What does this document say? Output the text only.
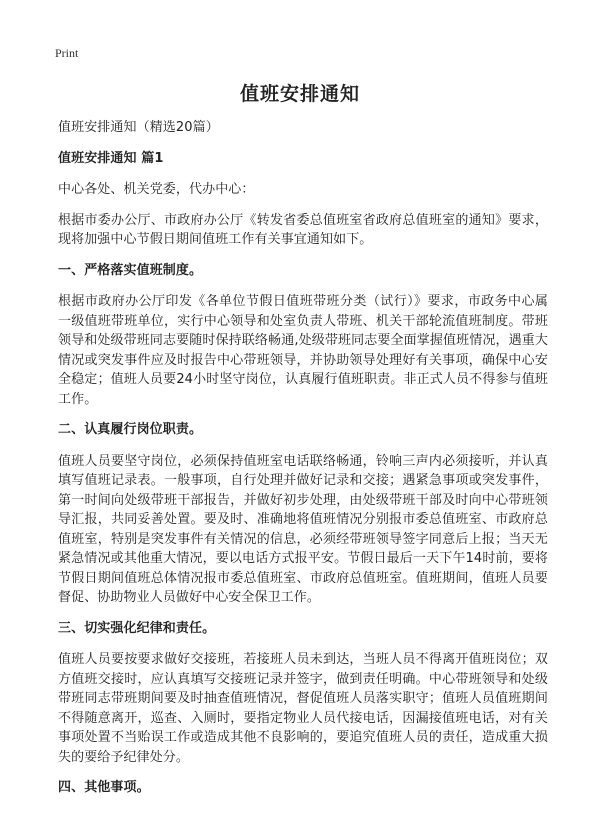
Print
值班安排通知

值班安排通知（精选20篇）

值班安排通知 篇1

中心各处、机关党委，代办中心：

根据市委办公厅、市政府办公厅《转发省委总值班室省政府总值班室的通知》要求，现将加强中心节假日期间值班工作有关事宜通知如下。

一、严格落实值班制度。

根据市政府办公厅印发《各单位节假日值班带班分类（试行）》要求，市政务中心属一级值班带班单位，实行中心领导和处室负责人带班、机关干部轮流值班制度。带班领导和处级带班同志要随时保持联络畅通,处级带班同志要全面掌握值班情况，遇重大情况或突发事件应及时报告中心带班领导，并协助领导处理好有关事项，确保中心安全稳定；值班人员要24小时坚守岗位，认真履行值班职责。非正式人员不得参与值班工作。

二、认真履行岗位职责。

值班人员要坚守岗位，必须保持值班室电话联络畅通，铃响三声内必须接听，并认真填写值班记录表。一般事项，自行处理并做好记录和交接；遇紧急事项或突发事件，第一时间向处级带班干部报告，并做好初步处理，由处级带班干部及时向中心带班领导汇报，共同妥善处置。要及时、准确地将值班情况分别报市委总值班室、市政府总值班室，特别是突发事件有关情况的信息，必须经带班领导签字同意后上报；当天无紧急情况或其他重大情况，要以电话方式报平安。节假日最后一天下午14时前，要将节假日期间值班总体情况报市委总值班室、市政府总值班室。值班期间，值班人员要督促、协助物业人员做好中心安全保卫工作。

三、切实强化纪律和责任。

值班人员要按要求做好交接班，若接班人员未到达，当班人员不得离开值班岗位；双方值班交接时，应认真填写交接班记录并签字，做到责任明确。中心带班领导和处级带班同志带班期间要及时抽查值班情况，督促值班人员落实职守；值班人员值班期间不得随意离开，巡查、入厕时，要指定物业人员代接电话，因漏接值班电话，对有关事项处置不当贻误工作或造成其他不良影响的，要追究值班人员的责任，造成重大损失的要给予纪律处分。

四、其他事项。
